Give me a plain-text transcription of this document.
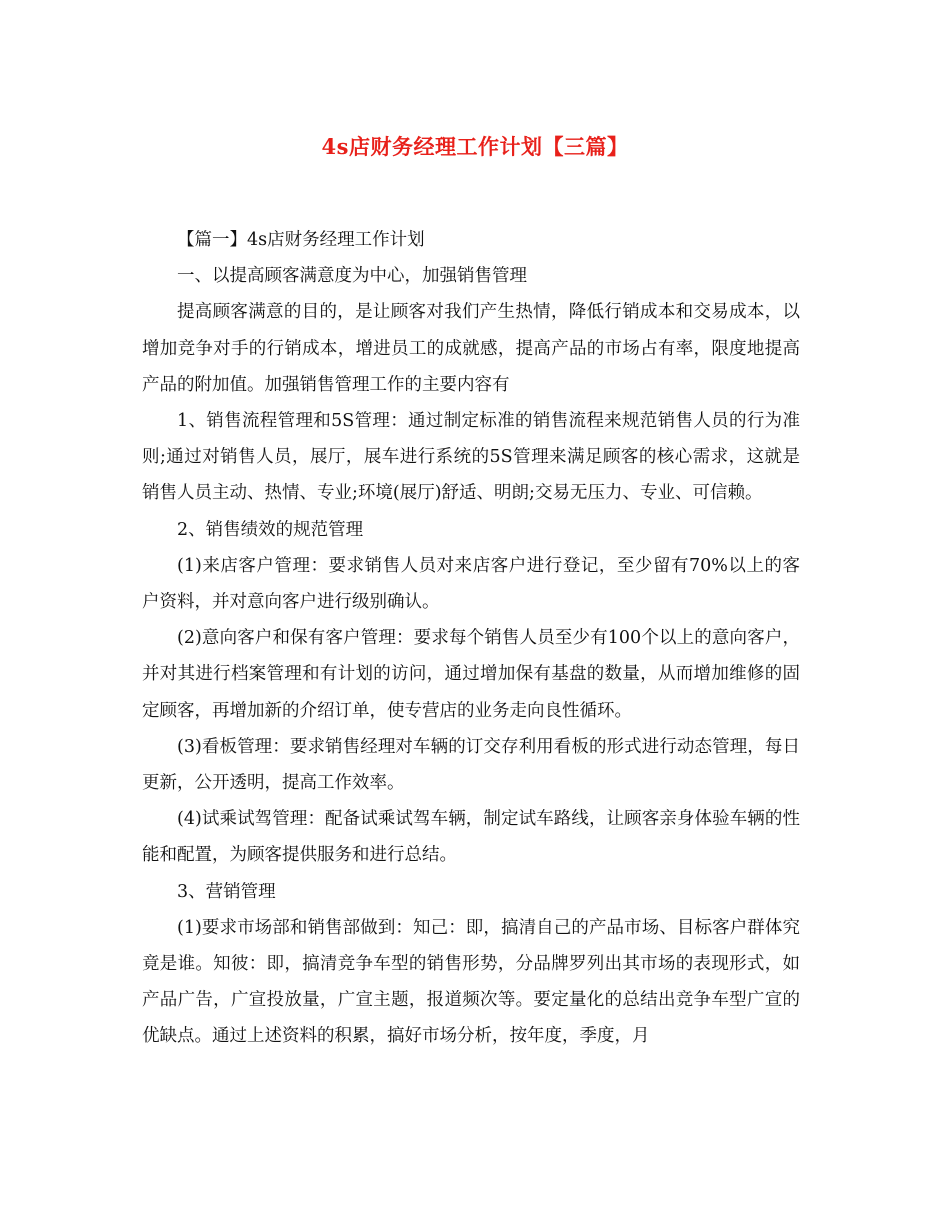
4s店财务经理工作计划【三篇】

【篇一】4s店财务经理工作计划

一、以提高顾客满意度为中心，加强销售管理

提高顾客满意的目的，是让顾客对我们产生热情，降低行销成本和交易成本，以增加竞争对手的行销成本，增进员工的成就感，提高产品的市场占有率，限度地提高产品的附加值。加强销售管理工作的主要内容有

1、销售流程管理和5S管理：通过制定标准的销售流程来规范销售人员的行为准则;通过对销售人员，展厅，展车进行系统的5S管理来满足顾客的核心需求，这就是销售人员主动、热情、专业;环境(展厅)舒适、明朗;交易无压力、专业、可信赖。

2、销售绩效的规范管理

(1)来店客户管理：要求销售人员对来店客户进行登记，至少留有70%以上的客户资料，并对意向客户进行级别确认。

(2)意向客户和保有客户管理：要求每个销售人员至少有100个以上的意向客户，并对其进行档案管理和有计划的访问，通过增加保有基盘的数量，从而增加维修的固定顾客，再增加新的介绍订单，使专营店的业务走向良性循环。

(3)看板管理：要求销售经理对车辆的订交存利用看板的形式进行动态管理，每日更新，公开透明，提高工作效率。

(4)试乘试驾管理：配备试乘试驾车辆，制定试车路线，让顾客亲身体验车辆的性能和配置，为顾客提供服务和进行总结。

3、营销管理

(1)要求市场部和销售部做到：知己：即，搞清自己的产品市场、目标客户群体究竟是谁。知彼：即，搞清竞争车型的销售形势，分品牌罗列出其市场的表现形式，如产品广告，广宣投放量，广宣主题，报道频次等。要定量化的总结出竞争车型广宣的优缺点。通过上述资料的积累，搞好市场分析，按年度，季度，月
